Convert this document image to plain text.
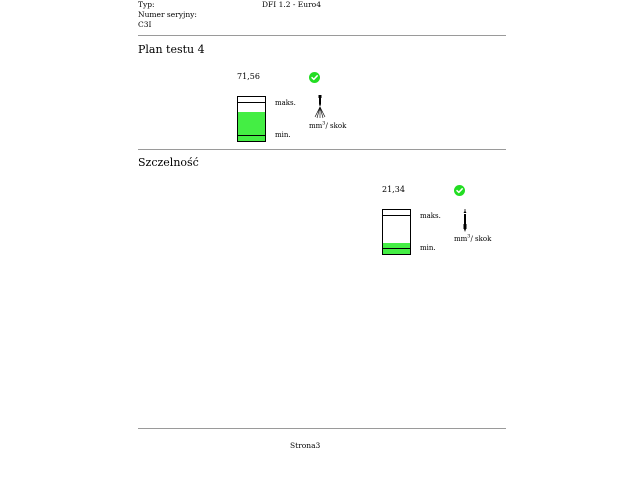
Typ:	DFI 1.2 - Euro4
Numer seryjny:
C3I
Plan testu 4
71,56
maks.
min.
$mm^3/$ skok
Szczelność
21,34
maks.
min.
$mm^3/$ skok
Strona3
